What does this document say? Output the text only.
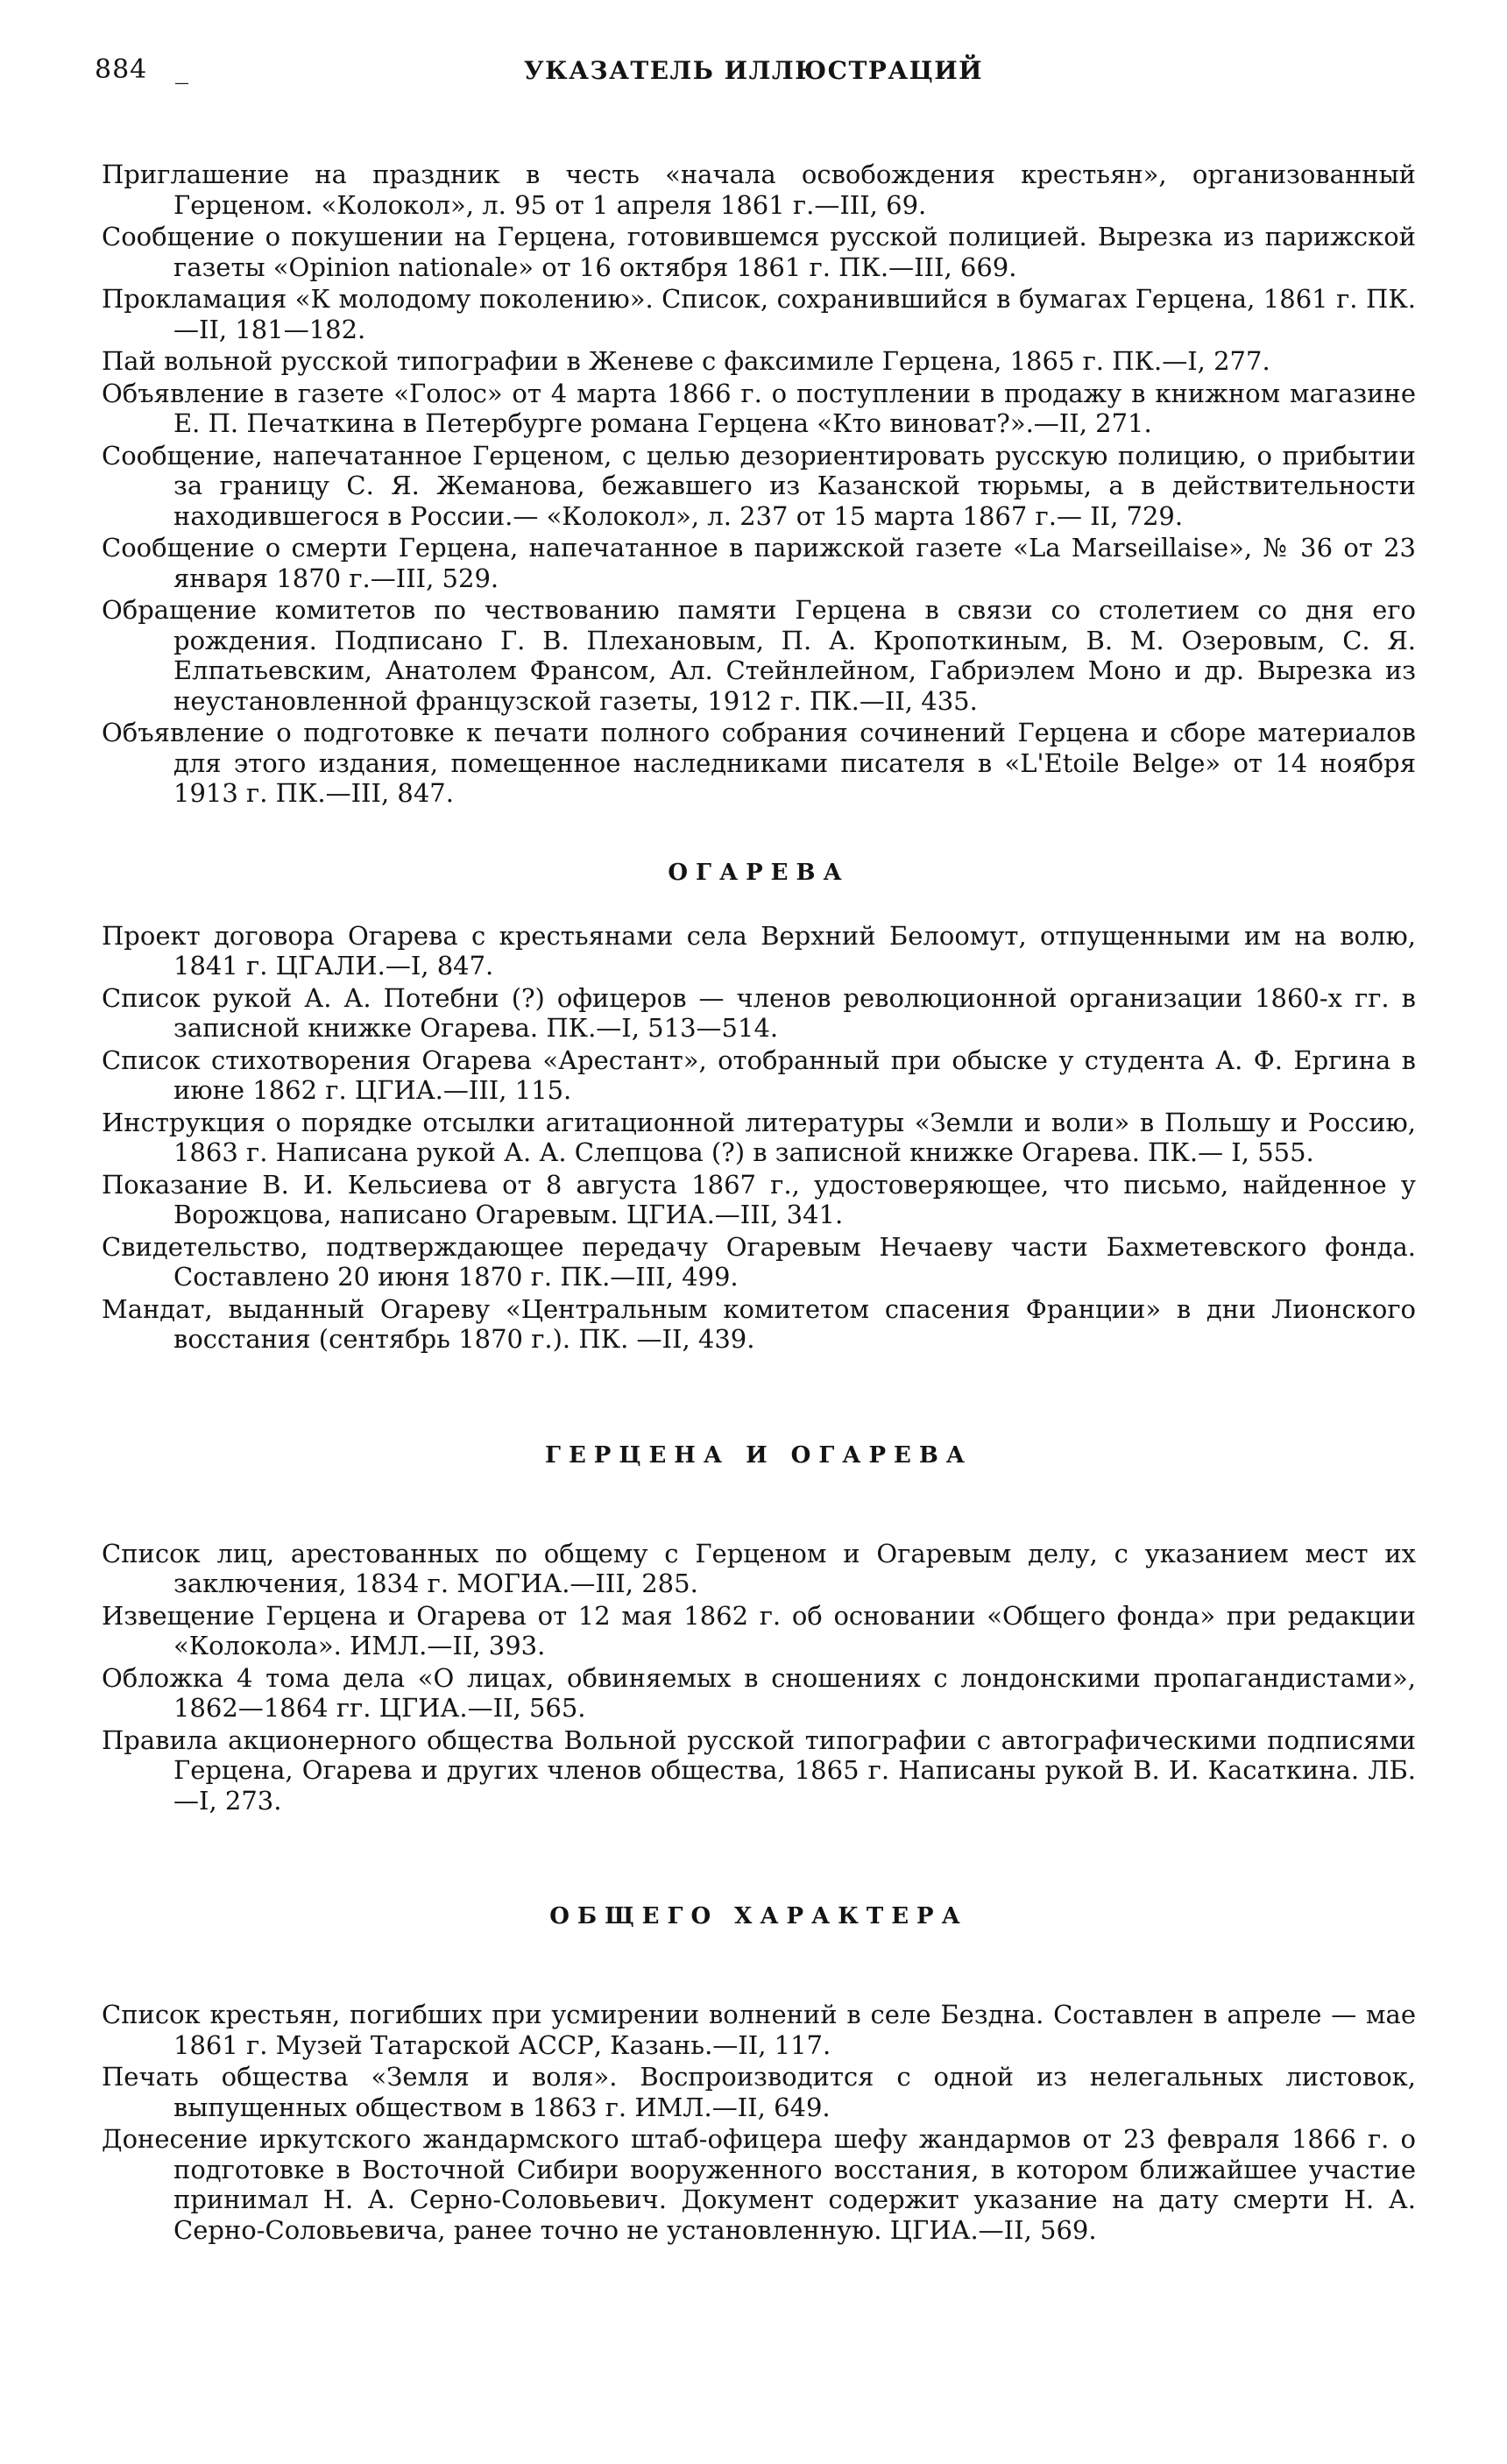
884 _	УКАЗАТЕЛЬ ИЛЛЮСТРАЦИЙ

Приглашение на праздник в честь «начала освобождения крестьян», организованный Герценом. «Колокол», л. 95 от 1 апреля 1861 г.—III, 69.

Сообщение о покушении на Герцена, готовившемся русской полицией. Вырезка из парижской газеты «Opinion nationale» от 16 октября 1861 г. ПК.—III, 669.

Прокламация «К молодому поколению». Список, сохранившийся в бумагах Герцена, 1861 г. ПК.—II, 181—182.

Пай вольной русской типографии в Женеве с факсимиле Герцена, 1865 г. ПК.—I, 277.

Объявление в газете «Голос» от 4 марта 1866 г. о поступлении в продажу в книжном магазине Е. П. Печаткина в Петербурге романа Герцена «Кто виноват?».—II, 271.

Сообщение, напечатанное Герценом, с целью дезориентировать русскую полицию, о прибытии за границу С. Я. Жеманова, бежавшего из Казанской тюрьмы, а в действительности находившегося в России.— «Колокол», л. 237 от 15 марта 1867 г.— II, 729.

Сообщение о смерти Герцена, напечатанное в парижской газете «La Marseillaise», № 36 от 23 января 1870 г.—III, 529.

Обращение комитетов по чествованию памяти Герцена в связи со столетием со дня его рождения. Подписано Г. В. Плехановым, П. А. Кропоткиным, В. М. Озеровым, С. Я. Елпатьевским, Анатолем Франсом, Ал. Стейнлейном, Габриэлем Моно и др. Вырезка из неустановленной французской газеты, 1912 г. ПК.—II, 435.

Объявление о подготовке к печати полного собрания сочинений Герцена и сборе материалов для этого издания, помещенное наследниками писателя в «L'Etoile Belge» от 14 ноября 1913 г. ПК.—III, 847.

ОГАРЕВА

Проект договора Огарева с крестьянами села Верхний Белоомут, отпущенными им на волю, 1841 г. ЦГАЛИ.—I, 847.

Список рукой А. А. Потебни (?) офицеров — членов революционной организации 1860-х гг. в записной книжке Огарева. ПК.—I, 513—514.

Список стихотворения Огарева «Арестант», отобранный при обыске у студента А. Ф. Ергина в июне 1862 г. ЦГИА.—III, 115.

Инструкция о порядке отсылки агитационной литературы «Земли и воли» в Польшу и Россию, 1863 г. Написана рукой А. А. Слепцова (?) в записной книжке Огарева. ПК.— I, 555.

Показание В. И. Кельсиева от 8 августа 1867 г., удостоверяющее, что письмо, найденное у Ворожцова, написано Огаревым. ЦГИА.—III, 341.

Свидетельство, подтверждающее передачу Огаревым Нечаеву части Бахметевского фонда. Составлено 20 июня 1870 г. ПК.—III, 499.

Мандат, выданный Огареву «Центральным комитетом спасения Франции» в дни Лионского восстания (сентябрь 1870 г.). ПК. —II, 439.

ГЕРЦЕНА И ОГАРЕВА

Список лиц, арестованных по общему с Герценом и Огаревым делу, с указанием мест их заключения, 1834 г. МОГИА.—III, 285.

Извещение Герцена и Огарева от 12 мая 1862 г. об основании «Общего фонда» при редакции «Колокола». ИМЛ.—II, 393.

Обложка 4 тома дела «О лицах, обвиняемых в сношениях с лондонскими пропагандистами», 1862—1864 гг. ЦГИА.—II, 565.

Правила акционерного общества Вольной русской типографии с автографическими подписями Герцена, Огарева и других членов общества, 1865 г. Написаны рукой В. И. Касаткина. ЛБ.—I, 273.

ОБЩЕГО ХАРАКТЕРА

Список крестьян, погибших при усмирении волнений в селе Бездна. Составлен в апреле — мае 1861 г. Музей Татарской АССР, Казань.—II, 117.

Печать общества «Земля и воля». Воспроизводится с одной из нелегальных листовок, выпущенных обществом в 1863 г. ИМЛ.—II, 649.

Донесение иркутского жандармского штаб-офицера шефу жандармов от 23 февраля 1866 г. о подготовке в Восточной Сибири вооруженного восстания, в котором ближайшее участие принимал Н. А. Серно-Соловьевич. Документ содержит указание на дату смерти Н. А. Серно-Соловьевича, ранее точно не установленную. ЦГИА.—II, 569.
